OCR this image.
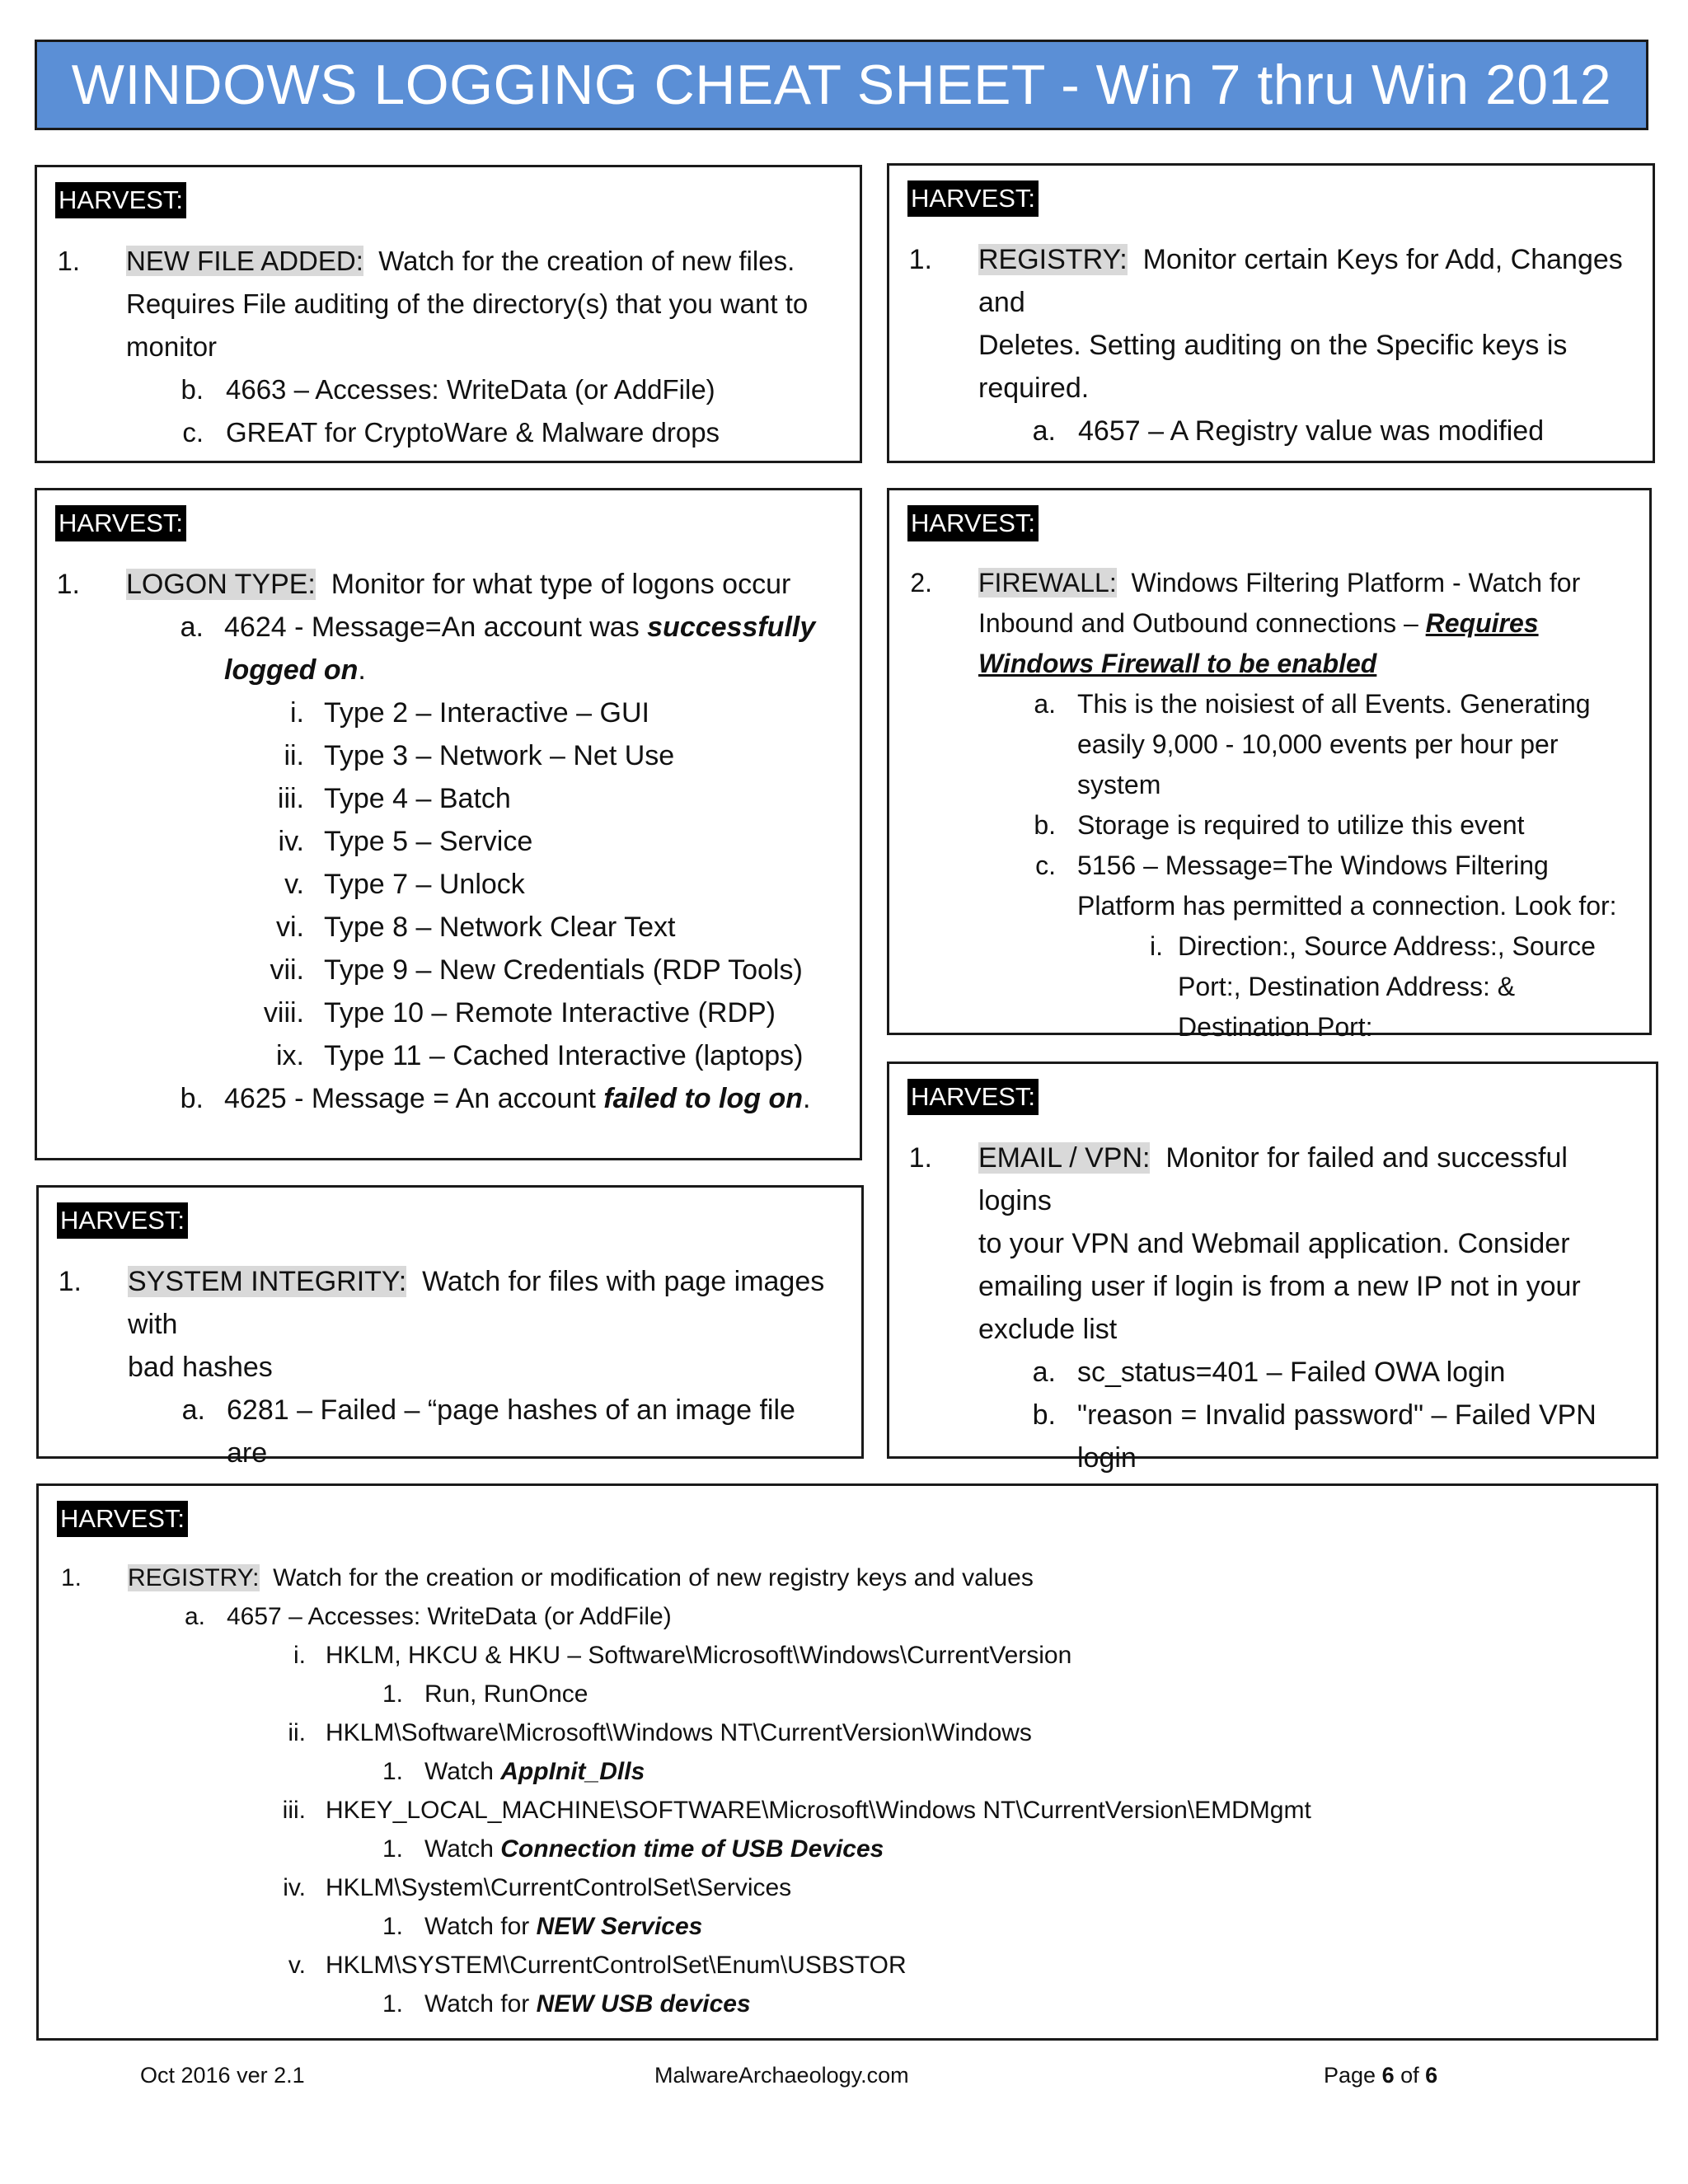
WINDOWS LOGGING CHEAT SHEET - Win 7 thru Win 2012
HARVEST:
1. NEW FILE ADDED: Watch for the creation of new files.
Requires File auditing of the directory(s) that you want to
monitor
b. 4663 – Accesses: WriteData (or AddFile)
c. GREAT for CryptoWare & Malware drops
HARVEST:
1. REGISTRY: Monitor certain Keys for Add, Changes and
Deletes. Setting auditing on the Specific keys is
required.
a. 4657 – A Registry value was modified
HARVEST:
1. LOGON TYPE: Monitor for what type of logons occur
a. 4624 - Message=An account was successfully
logged on.
i. Type 2 – Interactive – GUI
ii. Type 3 – Network – Net Use
iii. Type 4 – Batch
iv. Type 5 – Service
v. Type 7 – Unlock
vi. Type 8 – Network Clear Text
vii. Type 9 – New Credentials (RDP Tools)
viii. Type 10 – Remote Interactive (RDP)
ix. Type 11 – Cached Interactive (laptops)
b. 4625 - Message = An account failed to log on.
HARVEST:
2. FIREWALL: Windows Filtering Platform - Watch for
Inbound and Outbound connections – Requires
Windows Firewall to be enabled
a. This is the noisiest of all Events. Generating
easily 9,000 - 10,000 events per hour per system
b. Storage is required to utilize this event
c. 5156 – Message=The Windows Filtering
Platform has permitted a connection. Look for:
i. Direction:, Source Address:, Source
Port:, Destination Address: &
Destination Port:
HARVEST:
1. SYSTEM INTEGRITY: Watch for files with page images with
bad hashes
a. 6281 – Failed – “page hashes of an image file are
HARVEST:
1. EMAIL / VPN: Monitor for failed and successful logins
to your VPN and Webmail application. Consider
emailing user if login is from a new IP not in your
exclude list
a. sc_status=401 – Failed OWA login
b. "reason = Invalid password" – Failed VPN login
HARVEST:
1. REGISTRY: Watch for the creation or modification of new registry keys and values
a. 4657 – Accesses: WriteData (or AddFile)
i. HKLM, HKCU & HKU – Software\Microsoft\Windows\CurrentVersion
1. Run, RunOnce
ii. HKLM\Software\Microsoft\Windows NT\CurrentVersion\Windows
1. Watch AppInit_Dlls
iii. HKEY_LOCAL_MACHINE\SOFTWARE\Microsoft\Windows NT\CurrentVersion\EMDMgmt
1. Watch Connection time of USB Devices
iv. HKLM\System\CurrentControlSet\Services
1. Watch for NEW Services
v. HKLM\SYSTEM\CurrentControlSet\Enum\USBSTOR
1. Watch for NEW USB devices
Oct 2016 ver 2.1	MalwareArchaeology.com	Page 6 of 6
